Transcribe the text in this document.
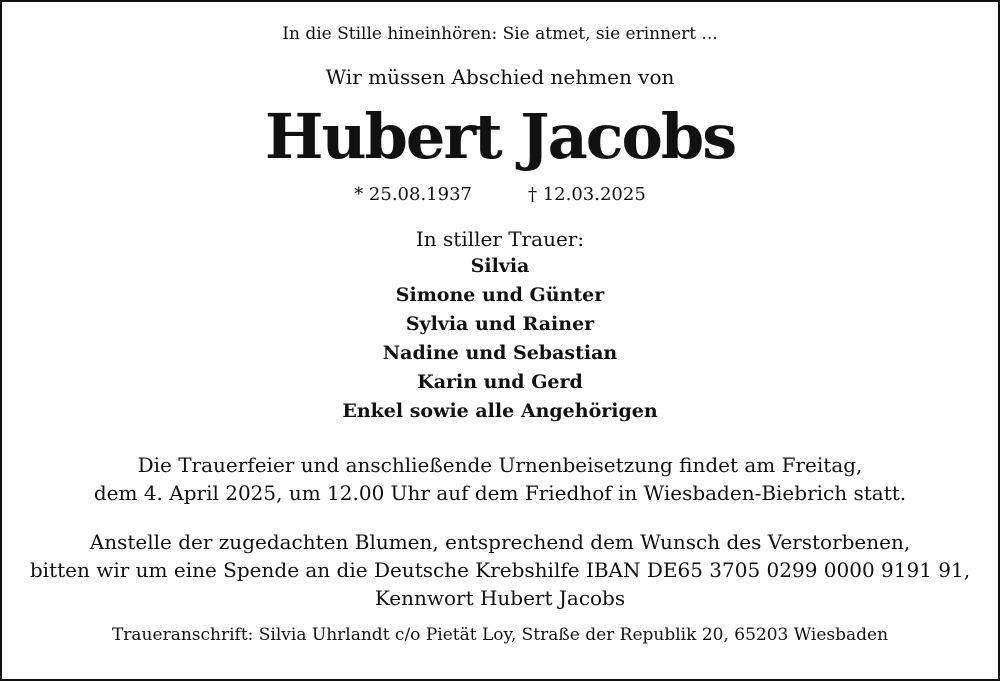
In die Stille hineinhören: Sie atmet, sie erinnert ...
Wir müssen Abschied nehmen von
Hubert Jacobs
* 25.08.1937	† 12.03.2025
In stiller Trauer:
Silvia
Simone und Günter
Sylvia und Rainer
Nadine und Sebastian
Karin und Gerd
Enkel sowie alle Angehörigen
Die Trauerfeier und anschließende Urnenbeisetzung findet am Freitag,
dem 4. April 2025, um 12.00 Uhr auf dem Friedhof in Wiesbaden-Biebrich statt.
Anstelle der zugedachten Blumen, entsprechend dem Wunsch des Verstorbenen,
bitten wir um eine Spende an die Deutsche Krebshilfe IBAN DE65 3705 0299 0000 9191 91,
Kennwort Hubert Jacobs
Traueranschrift: Silvia Uhrlandt c/o Pietät Loy, Straße der Republik 20, 65203 Wiesbaden
